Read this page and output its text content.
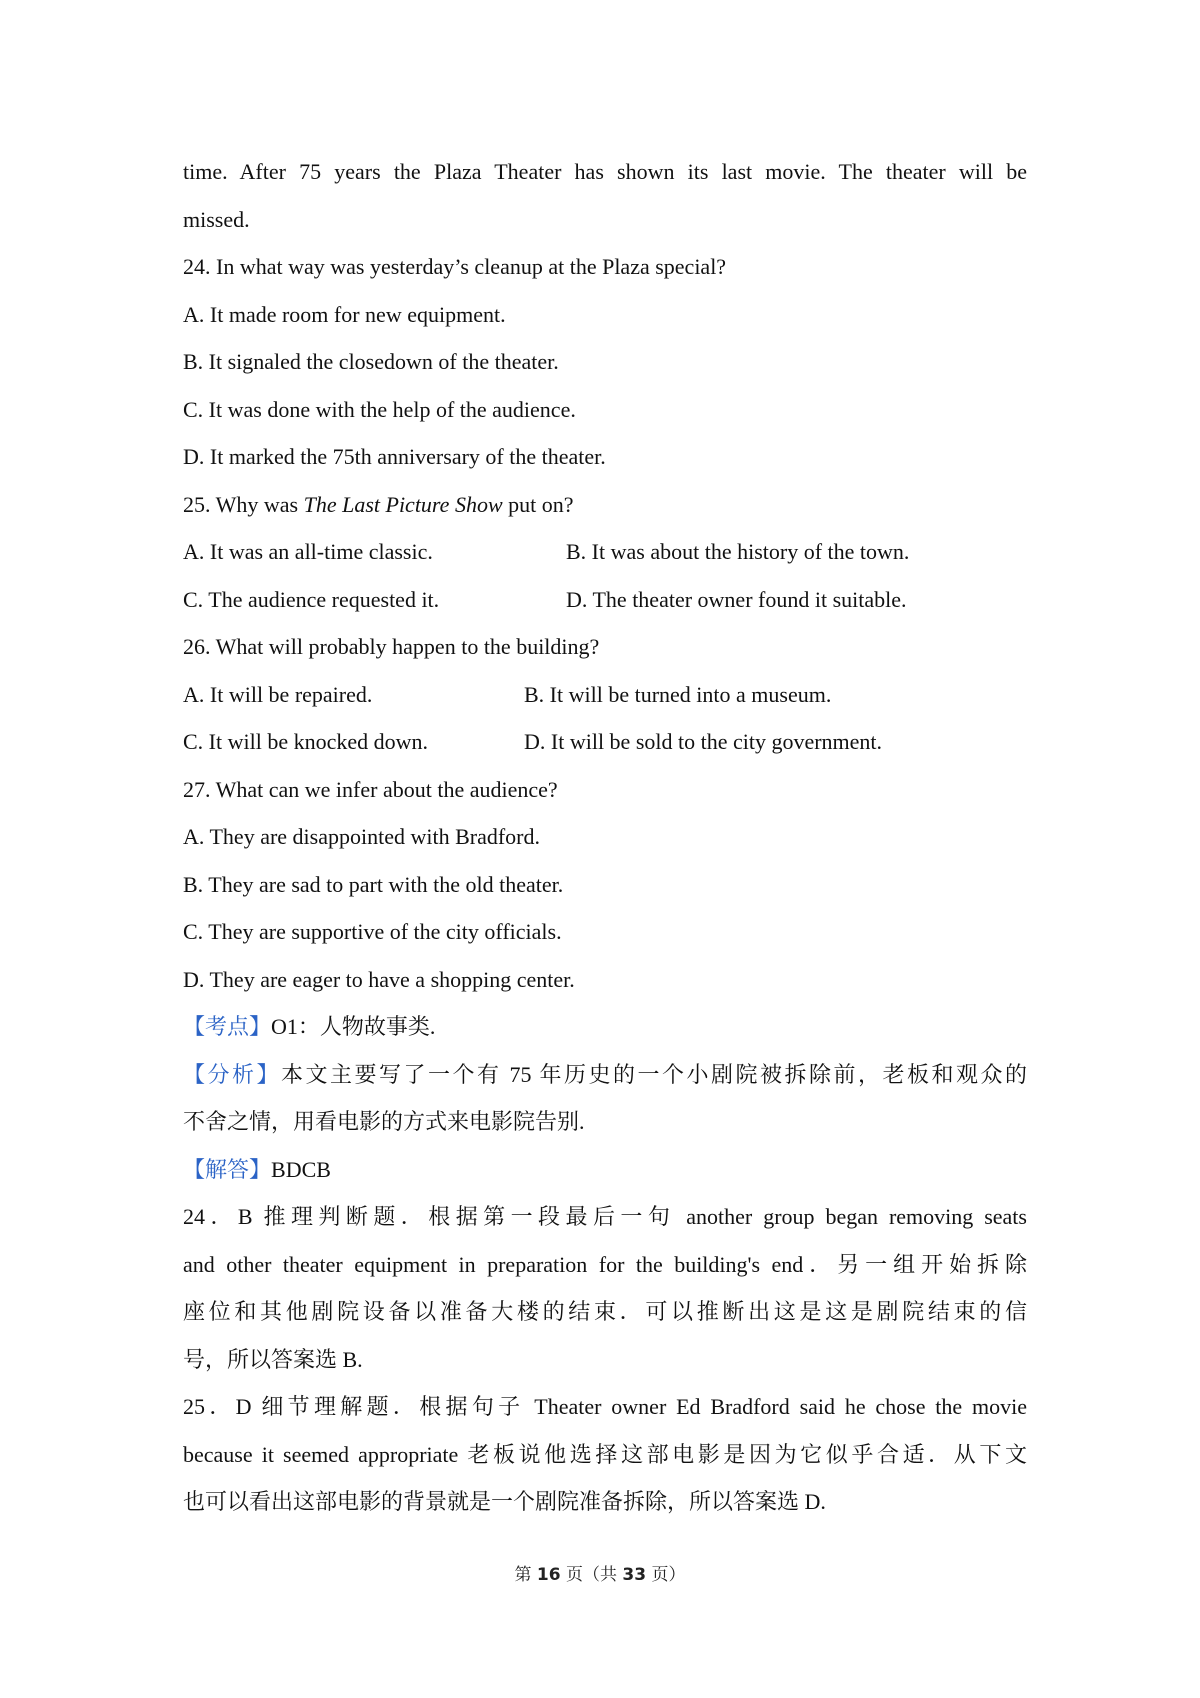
time. After 75 years the Plaza Theater has shown its last movie. The theater will be
missed.
24. In what way was yesterday’s cleanup at the Plaza special?
A. It made room for new equipment.
B. It signaled the closedown of the theater.
C. It was done with the help of the audience.
D. It marked the 75th anniversary of the theater.
25. Why was The Last Picture Show put on?
A. It was an all-time classic.	B. It was about the history of the town.
C. The audience requested it.	D. The theater owner found it suitable.
26. What will probably happen to the building?
A. It will be repaired.	B. It will be turned into a museum.
C. It will be knocked down.	D. It will be sold to the city government.
27. What can we infer about the audience?
A. They are disappointed with Bradford.
B. They are sad to part with the old theater.
C. They are supportive of the city officials.
D. They are eager to have a shopping center.
【考点】O1：人物故事类.
【分析】本文主要写了一个有 75 年历史的一个小剧院被拆除前，老板和观众的
不舍之情，用看电影的方式来电影院告别.
【解答】BDCB
24．B 推理判断题．根据第一段最后一句 another group began removing seats
and other theater equipment in preparation for the building's end．另一组开始拆除
座位和其他剧院设备以准备大楼的结束．可以推断出这是这是剧院结束的信
号，所以答案选 B.
25．D 细节理解题．根据句子 Theater owner Ed Bradford said he chose the movie
because it seemed appropriate 老板说他选择这部电影是因为它似乎合适．从下文
也可以看出这部电影的背景就是一个剧院准备拆除，所以答案选 D.
第 16 页（共 33 页）
